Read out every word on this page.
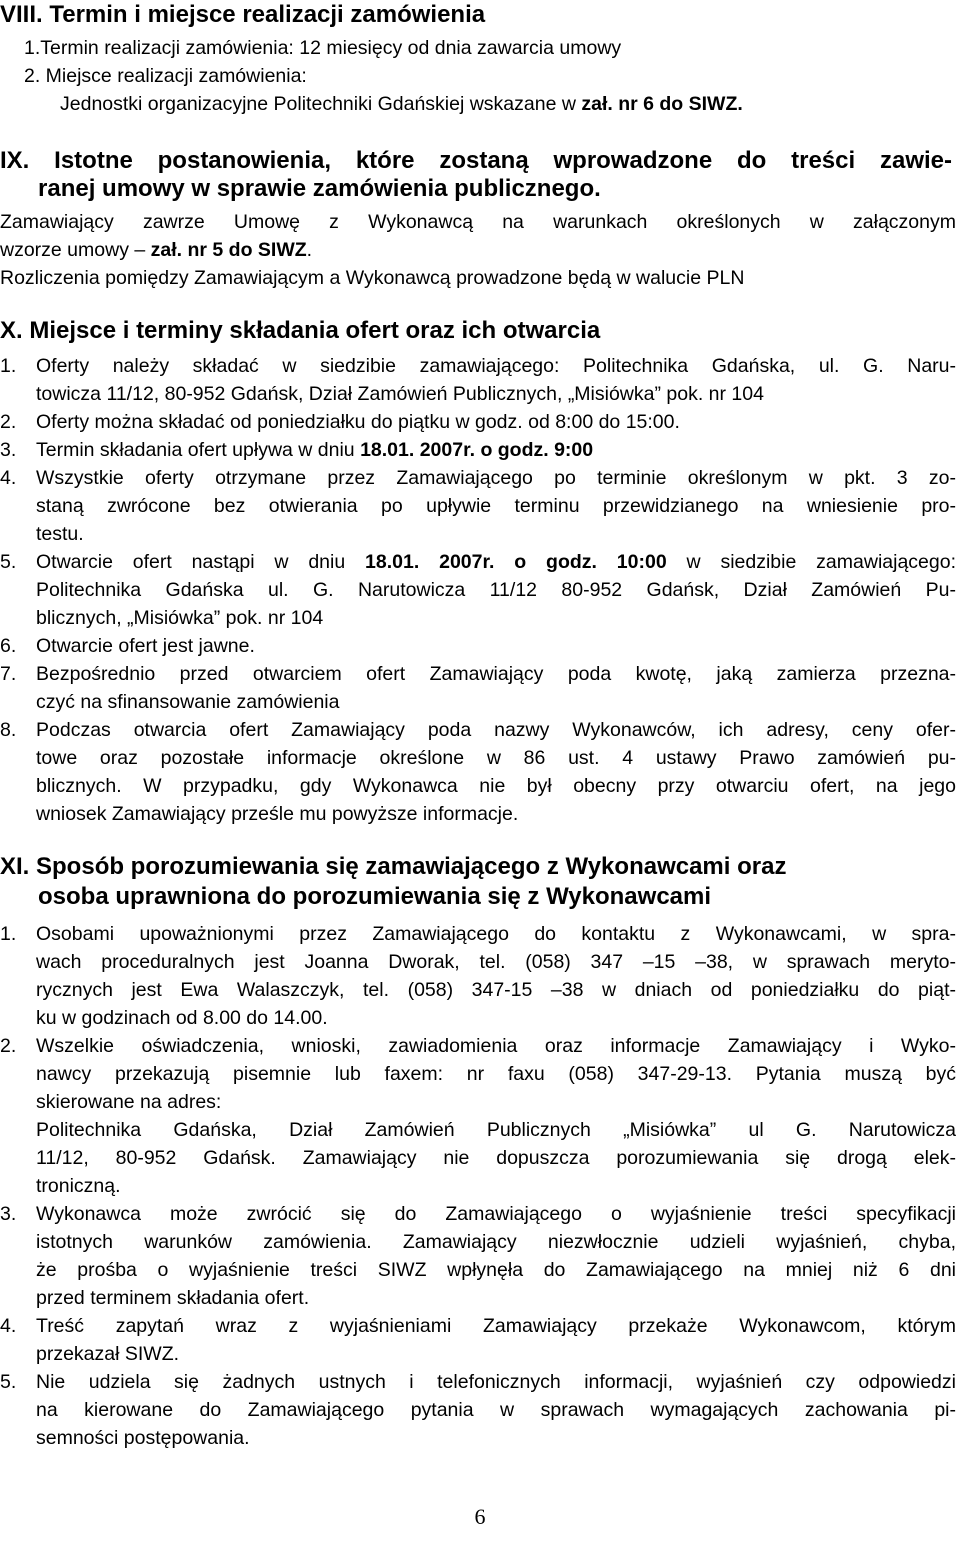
VIII. Termin i miejsce realizacji zamówienia
1.Termin realizacji zamówienia: 12 miesięcy od dnia zawarcia umowy
2. Miejsce realizacji zamówienia:
Jednostki organizacyjne Politechniki Gdańskiej wskazane w zał. nr 6 do SIWZ.
IX. Istotne postanowienia, które zostaną wprowadzone do treści zawie-
ranej umowy w sprawie zamówienia publicznego.
Zamawiający zawrze Umowę z Wykonawcą na warunkach określonych w załączonym
wzorze umowy – zał. nr 5 do SIWZ.
Rozliczenia pomiędzy Zamawiającym a Wykonawcą prowadzone będą w walucie PLN
X. Miejsce i terminy składania ofert oraz ich otwarcia
1. Oferty należy składać w siedzibie zamawiającego: Politechnika Gdańska, ul. G. Naru-
towicza 11/12, 80-952 Gdańsk, Dział Zamówień Publicznych, „Misiówka” pok. nr 104
2. Oferty można składać od poniedziałku do piątku w godz. od 8:00 do 15:00.
3. Termin składania ofert upływa w dniu 18.01. 2007r. o godz. 9:00
4. Wszystkie oferty otrzymane przez Zamawiającego po terminie określonym w pkt. 3 zo-
staną zwrócone bez otwierania po upływie terminu przewidzianego na wniesienie pro-
testu.
5. Otwarcie ofert nastąpi w dniu 18.01. 2007r. o godz. 10:00 w siedzibie zamawiającego:
Politechnika Gdańska ul. G. Narutowicza 11/12 80-952 Gdańsk, Dział Zamówień Pu-
blicznych, „Misiówka” pok. nr 104
6. Otwarcie ofert jest jawne.
7. Bezpośrednio przed otwarciem ofert Zamawiający poda kwotę, jaką zamierza przezna-
czyć na sfinansowanie zamówienia
8. Podczas otwarcia ofert Zamawiający poda nazwy Wykonawców, ich adresy, ceny ofer-
towe oraz pozostałe informacje określone w 86 ust. 4 ustawy Prawo zamówień pu-
blicznych. W przypadku, gdy Wykonawca nie był obecny przy otwarciu ofert, na jego
wniosek Zamawiający prześle mu powyższe informacje.
XI. Sposób porozumiewania się zamawiającego z Wykonawcami oraz
osoba uprawniona do porozumiewania się z Wykonawcami
1. Osobami upoważnionymi przez Zamawiającego do kontaktu z Wykonawcami, w spra-
wach proceduralnych jest Joanna Dworak, tel. (058) 347 –15 –38, w sprawach meryto-
rycznych jest Ewa Walaszczyk, tel. (058) 347-15 –38 w dniach od poniedziałku do piąt-
ku w godzinach od 8.00 do 14.00.
2. Wszelkie oświadczenia, wnioski, zawiadomienia oraz informacje Zamawiający i Wyko-
nawcy przekazują pisemnie lub faxem: nr faxu (058) 347-29-13. Pytania muszą być
skierowane na adres:
Politechnika Gdańska, Dział Zamówień Publicznych „Misiówka” ul G. Narutowicza
11/12, 80-952 Gdańsk. Zamawiający nie dopuszcza porozumiewania się drogą elek-
troniczną.
3. Wykonawca może zwrócić się do Zamawiającego o wyjaśnienie treści specyfikacji
istotnych warunków zamówienia. Zamawiający niezwłocznie udzieli wyjaśnień, chyba,
że prośba o wyjaśnienie treści SIWZ wpłynęła do Zamawiającego na mniej niż 6 dni
przed terminem składania ofert.
4. Treść zapytań wraz z wyjaśnieniami Zamawiający przekaże Wykonawcom, którym
przekazał SIWZ.
5. Nie udziela się żadnych ustnych i telefonicznych informacji, wyjaśnień czy odpowiedzi
na kierowane do Zamawiającego pytania w sprawach wymagających zachowania pi-
semności postępowania.
6
